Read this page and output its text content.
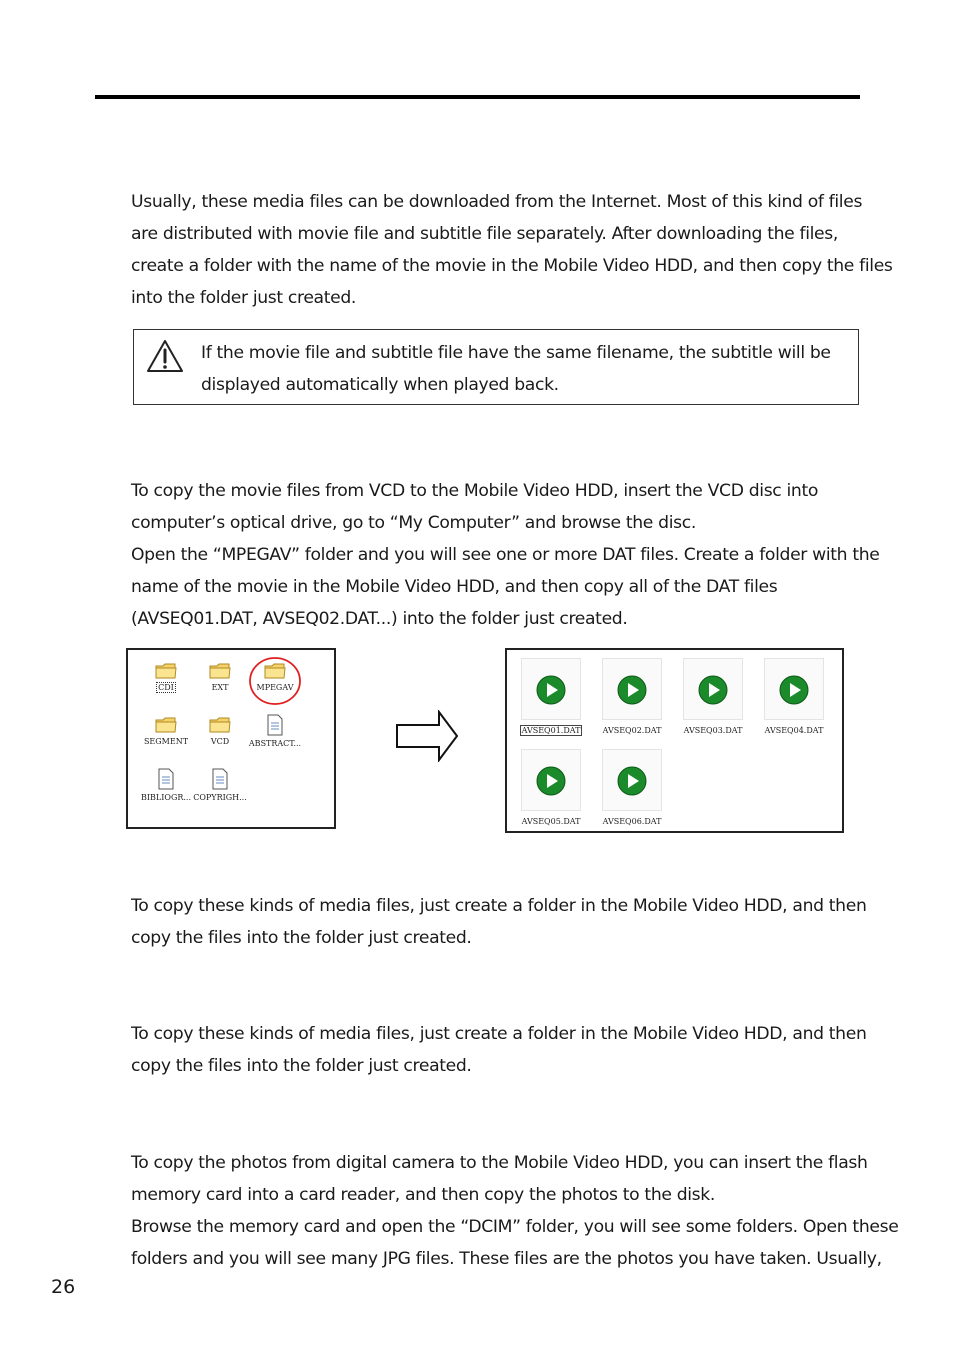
Usually, these media files can be downloaded from the Internet. Most of this kind of files
are distributed with movie file and subtitle file separately. After downloading the files,
create a folder with the name of the movie in the Mobile Video HDD, and then copy the files
into the folder just created.
If the movie file and subtitle file have the same filename, the subtitle will be
displayed automatically when played back.
To copy the movie files from VCD to the Mobile Video HDD, insert the VCD disc into
computer’s optical drive, go to “My Computer” and browse the disc.
Open the “MPEGAV” folder and you will see one or more DAT files. Create a folder with the
name of the movie in the Mobile Video HDD, and then copy all of the DAT files
(AVSEQ01.DAT, AVSEQ02.DAT...) into the folder just created.
CDI	EXT	MPEGAV
SEGMENT	VCD	ABSTRACT...
BIBLIOGR... COPYRIGH...
AVSEQ01.DAT	AVSEQ02.DAT	AVSEQ03.DAT	AVSEQ04.DAT
AVSEQ05.DAT	AVSEQ06.DAT
To copy these kinds of media files, just create a folder in the Mobile Video HDD, and then
copy the files into the folder just created.
To copy these kinds of media files, just create a folder in the Mobile Video HDD, and then
copy the files into the folder just created.
To copy the photos from digital camera to the Mobile Video HDD, you can insert the flash
memory card into a card reader, and then copy the photos to the disk.
Browse the memory card and open the “DCIM” folder, you will see some folders. Open these
folders and you will see many JPG files. These files are the photos you have taken. Usually,
26
